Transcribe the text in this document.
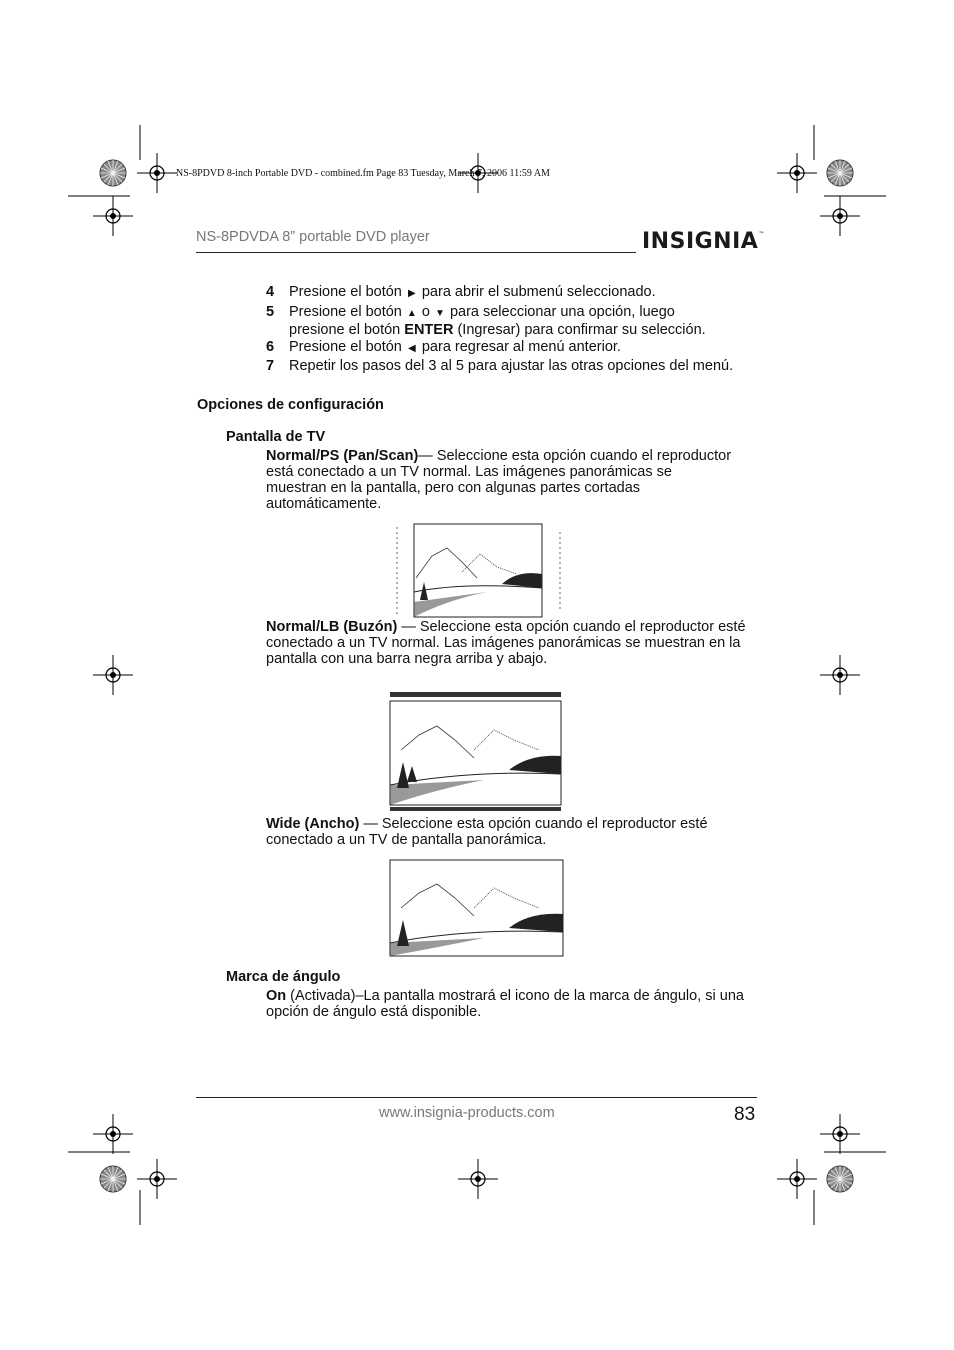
NS-8PDVD 8-inch Portable DVD - combined.fm Page 83 Tuesday, March 7, 2006 11:59 AM
NS-8PDVDA 8” portable DVD player	INSIGNIA™
4 Presione el botón ▶ para abrir el submenú seleccionado.
5 Presione el botón ▲ o ▼ para seleccionar una opción, luego
presione el botón ENTER (Ingresar) para confirmar su selección.
6 Presione el botón ◀ para regresar al menú anterior.
7 Repetir los pasos del 3 al 5 para ajustar las otras opciones del menú.
Opciones de configuración
Pantalla de TV
Normal/PS (Pan/Scan)— Seleccione esta opción cuando el reproductor está conectado a un TV normal. Las imágenes panorámicas se muestran en la pantalla, pero con algunas partes cortadas automáticamente.
Normal/LB (Buzón) — Seleccione esta opción cuando el reproductor esté conectado a un TV normal. Las imágenes panorámicas se muestran en la pantalla con una barra negra arriba y abajo.
Wide (Ancho) — Seleccione esta opción cuando el reproductor esté conectado a un TV de pantalla panorámica.
Marca de ángulo
On (Activada)–La pantalla mostrará el icono de la marca de ángulo, si una opción de ángulo está disponible.
www.insignia-products.com	83
